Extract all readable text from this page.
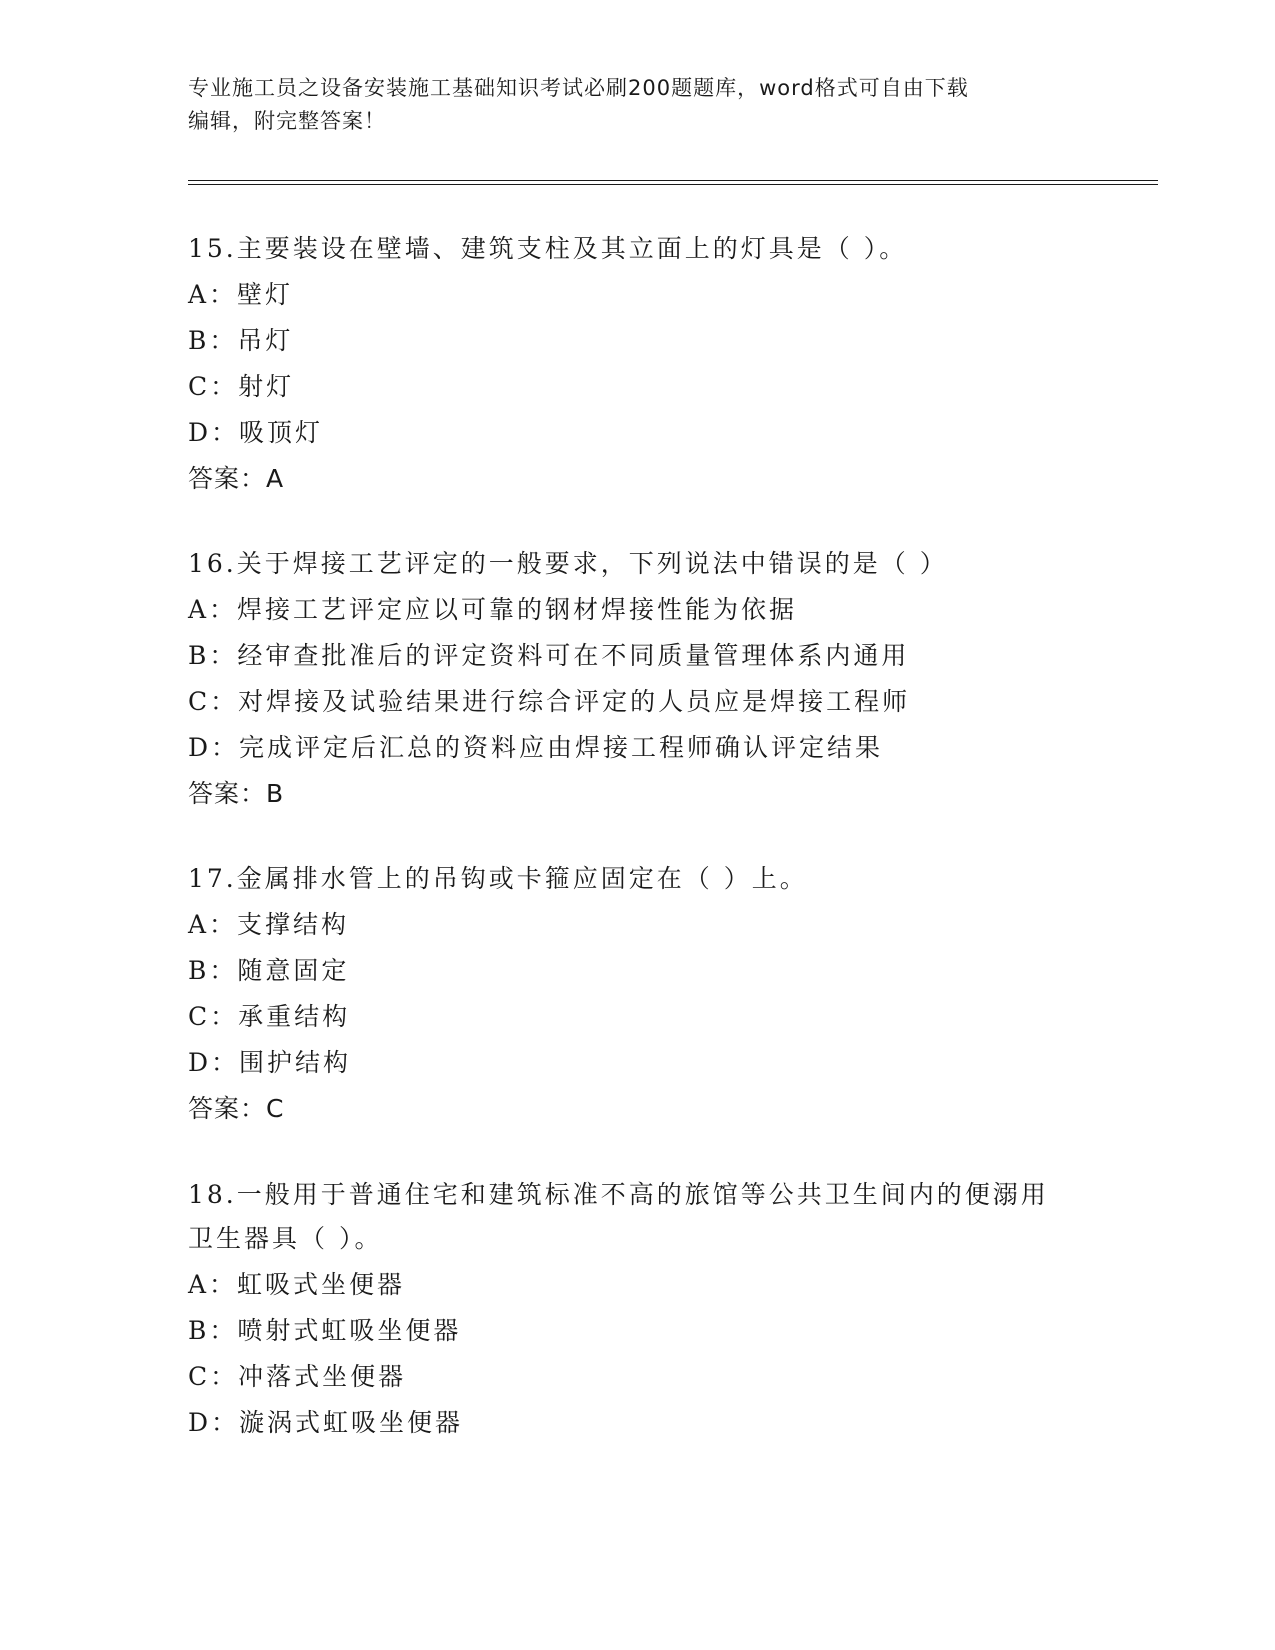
专业施工员之设备安装施工基础知识考试必刷200题题库，word格式可自由下载
编辑，附完整答案！
15.主要装设在壁墙、建筑支柱及其立面上的灯具是（ ）。
A：壁灯
B：吊灯
C：射灯
D：吸顶灯
答案：A
16.关于焊接工艺评定的一般要求，下列说法中错误的是（ ）
A：焊接工艺评定应以可靠的钢材焊接性能为依据
B：经审查批准后的评定资料可在不同质量管理体系内通用
C：对焊接及试验结果进行综合评定的人员应是焊接工程师
D：完成评定后汇总的资料应由焊接工程师确认评定结果
答案：B
17.金属排水管上的吊钩或卡箍应固定在（ ）上。
A：支撑结构
B：随意固定
C：承重结构
D：围护结构
答案：C
18.一般用于普通住宅和建筑标准不高的旅馆等公共卫生间内的便溺用
卫生器具（ ）。
A：虹吸式坐便器
B：喷射式虹吸坐便器
C：冲落式坐便器
D：漩涡式虹吸坐便器
